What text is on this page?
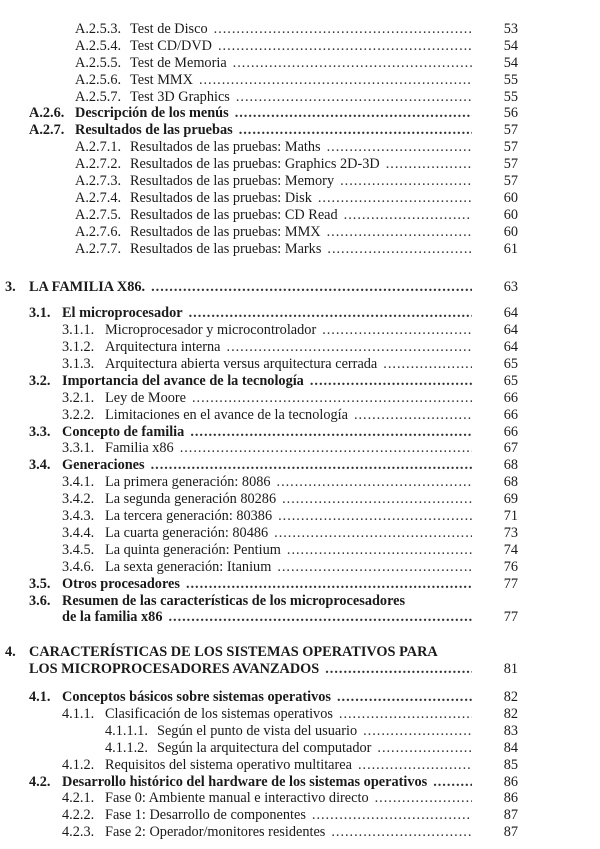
A.2.5.3. Test de Disco . . .	53
A.2.5.4. Test CD/DVD . . .	54
A.2.5.5. Test de Memoria . . .	54
A.2.5.6. Test MMX . . .	55
A.2.5.7. Test 3D Graphics . . .	55
A.2.6. Descripción de los menús . . .	56
A.2.7. Resultados de las pruebas . . .	57
A.2.7.1. Resultados de las pruebas: Maths . . .	57
A.2.7.2. Resultados de las pruebas: Graphics 2D-3D . . .	57
A.2.7.3. Resultados de las pruebas: Memory . . .	57
A.2.7.4. Resultados de las pruebas: Disk . . .	60
A.2.7.5. Resultados de las pruebas: CD Read . . .	60
A.2.7.6. Resultados de las pruebas: MMX . . .	60
A.2.7.7. Resultados de las pruebas: Marks . . .	61
3. LA FAMILIA X86. . . .	63
3.1. El microprocesador . . .	64
3.1.1. Microprocesador y microcontrolador . . .	64
3.1.2. Arquitectura interna . . .	64
3.1.3. Arquitectura abierta versus arquitectura cerrada . . .	65
3.2. Importancia del avance de la tecnología . . .	65
3.2.1. Ley de Moore . . .	66
3.2.2. Limitaciones en el avance de la tecnología . . .	66
3.3. Concepto de familia . . .	66
3.3.1. Familia x86 . . .	67
3.4. Generaciones . . .	68
3.4.1. La primera generación: 8086 . . .	68
3.4.2. La segunda generación 80286 . . .	69
3.4.3. La tercera generación: 80386 . . .	71
3.4.4. La cuarta generación: 80486 . . .	73
3.4.5. La quinta generación: Pentium . . .	74
3.4.6. La sexta generación: Itanium . . .	76
3.5. Otros procesadores . . .	77
3.6. Resumen de las características de los microprocesadores
de la familia x86 . . .	77
4. CARACTERÍSTICAS DE LOS SISTEMAS OPERATIVOS PARA
LOS MICROPROCESADORES AVANZADOS . . .	81
4.1. Conceptos básicos sobre sistemas operativos . . .	82
4.1.1. Clasificación de los sistemas operativos . . .	82
4.1.1.1. Según el punto de vista del usuario . . .	83
4.1.1.2. Según la arquitectura del computador . . .	84
4.1.2. Requisitos del sistema operativo multitarea . . .	85
4.2. Desarrollo histórico del hardware de los sistemas operativos . . .	86
4.2.1. Fase 0: Ambiente manual e interactivo directo . . .	86
4.2.2. Fase 1: Desarrollo de componentes . . .	87
4.2.3. Fase 2: Operador/monitores residentes . . .	87
